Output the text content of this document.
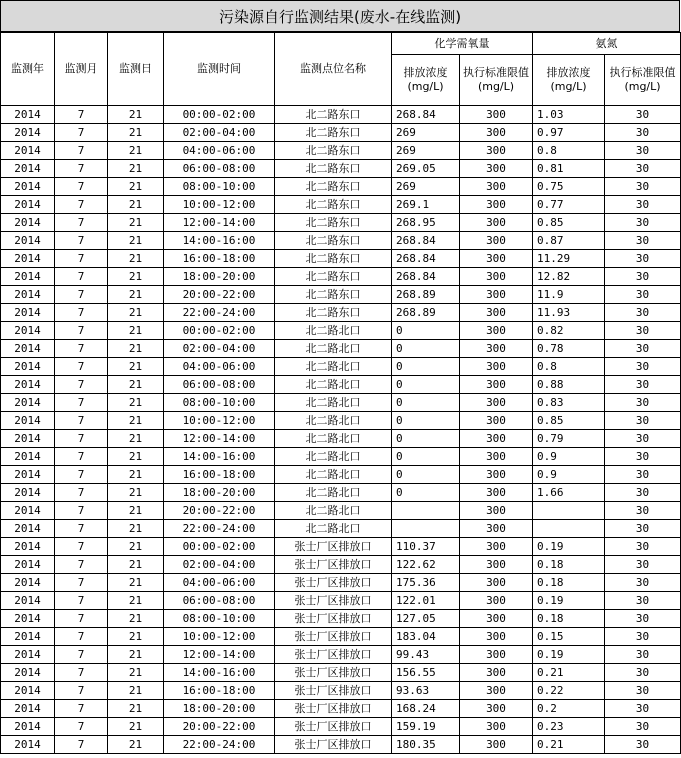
污染源自行监测结果(废水-在线监测)
监测年	监测月	监测日	监测时间	监测点位名称	化学需氧量		氨氮	
					排放浓度(mg/L)	执行标准限值(mg/L)	排放浓度(mg/L)	执行标准限值(mg/L)
2014	7	21	00:00-02:00	北二路东口	268.84	300	1.03	30
2014	7	21	02:00-04:00	北二路东口	269	300	0.97	30
2014	7	21	04:00-06:00	北二路东口	269	300	0.8	30
2014	7	21	06:00-08:00	北二路东口	269.05	300	0.81	30
2014	7	21	08:00-10:00	北二路东口	269	300	0.75	30
2014	7	21	10:00-12:00	北二路东口	269.1	300	0.77	30
2014	7	21	12:00-14:00	北二路东口	268.95	300	0.85	30
2014	7	21	14:00-16:00	北二路东口	268.84	300	0.87	30
2014	7	21	16:00-18:00	北二路东口	268.84	300	11.29	30
2014	7	21	18:00-20:00	北二路东口	268.84	300	12.82	30
2014	7	21	20:00-22:00	北二路东口	268.89	300	11.9	30
2014	7	21	22:00-24:00	北二路东口	268.89	300	11.93	30
2014	7	21	00:00-02:00	北二路北口	0	300	0.82	30
2014	7	21	02:00-04:00	北二路北口	0	300	0.78	30
2014	7	21	04:00-06:00	北二路北口	0	300	0.8	30
2014	7	21	06:00-08:00	北二路北口	0	300	0.88	30
2014	7	21	08:00-10:00	北二路北口	0	300	0.83	30
2014	7	21	10:00-12:00	北二路北口	0	300	0.85	30
2014	7	21	12:00-14:00	北二路北口	0	300	0.79	30
2014	7	21	14:00-16:00	北二路北口	0	300	0.9	30
2014	7	21	16:00-18:00	北二路北口	0	300	0.9	30
2014	7	21	18:00-20:00	北二路北口	0	300	1.66	30
2014	7	21	20:00-22:00	北二路北口		300		30
2014	7	21	22:00-24:00	北二路北口		300		30
2014	7	21	00:00-02:00	张士厂区排放口	110.37	300	0.19	30
2014	7	21	02:00-04:00	张士厂区排放口	122.62	300	0.18	30
2014	7	21	04:00-06:00	张士厂区排放口	175.36	300	0.18	30
2014	7	21	06:00-08:00	张士厂区排放口	122.01	300	0.19	30
2014	7	21	08:00-10:00	张士厂区排放口	127.05	300	0.18	30
2014	7	21	10:00-12:00	张士厂区排放口	183.04	300	0.15	30
2014	7	21	12:00-14:00	张士厂区排放口	99.43	300	0.19	30
2014	7	21	14:00-16:00	张士厂区排放口	156.55	300	0.21	30
2014	7	21	16:00-18:00	张士厂区排放口	93.63	300	0.22	30
2014	7	21	18:00-20:00	张士厂区排放口	168.24	300	0.2	30
2014	7	21	20:00-22:00	张士厂区排放口	159.19	300	0.23	30
2014	7	21	22:00-24:00	张士厂区排放口	180.35	300	0.21	30
